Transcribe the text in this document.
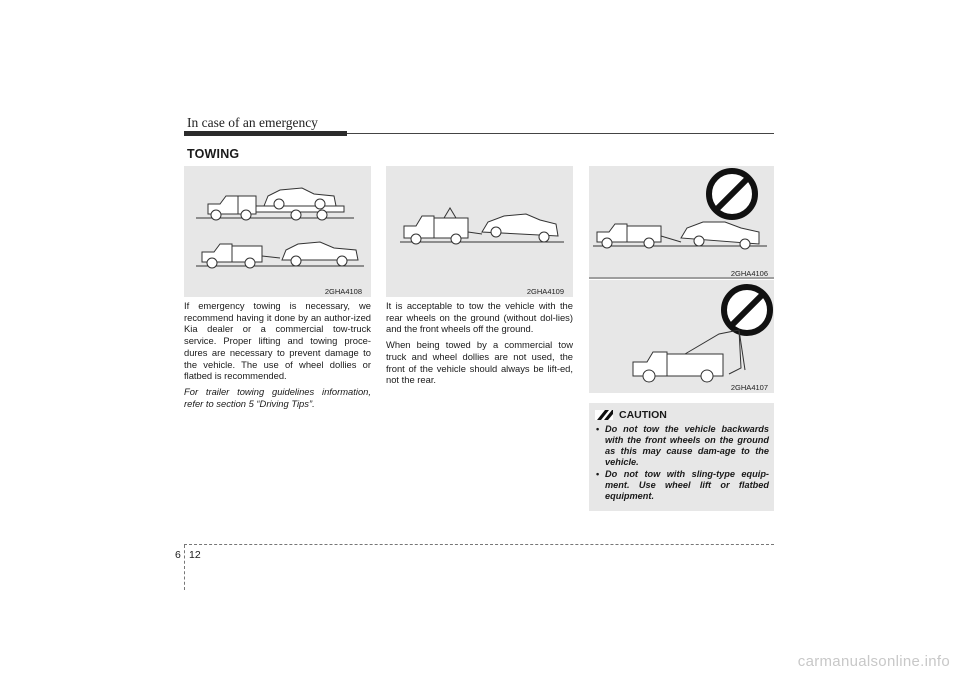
In case of an emergency
TOWING
2GHA4108	2GHA4109
2GHA4106
2GHA4107

If emergency towing is necessary, we recommend having it done by an author-ized Kia dealer or a commercial tow-truck service. Proper lifting and towing proce-dures are necessary to prevent damage to the vehicle. The use of wheel dollies or flatbed is recommended.

For trailer towing guidelines information, refer to section 5 “Driving Tips”.

It is acceptable to tow the vehicle with the rear wheels on the ground (without dol-lies) and the front wheels off the ground.

When being towed by a commercial tow truck and wheel dollies are not used, the front of the vehicle should always be lift-ed, not the rear.

CAUTION
• Do not tow the vehicle backwards with the front wheels on the ground as this may cause dam-age to the vehicle.
• Do not tow with sling-type equip-ment. Use wheel lift or flatbed equipment.
6 12
carmanualsonline.info
